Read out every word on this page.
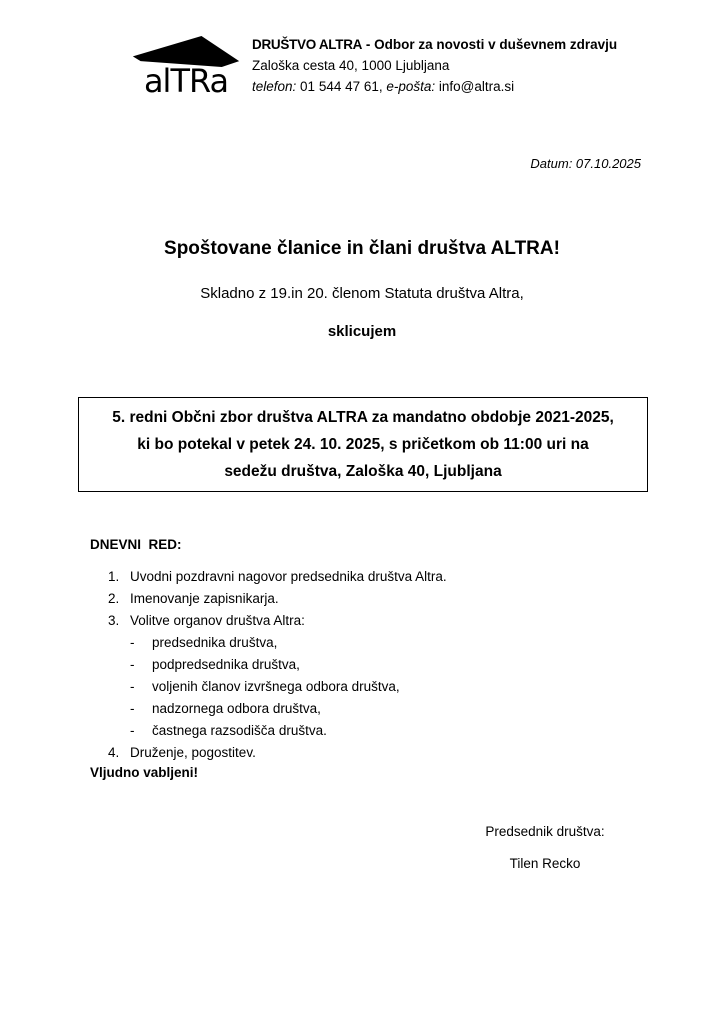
alTRa
DRUŠTVO ALTRA - Odbor za novosti v duševnem zdravju
Zaloška cesta 40, 1000 Ljubljana
telefon: 01 544 47 61, e-pošta: info@altra.si
Datum: 07.10.2025
Spoštovane članice in člani društva ALTRA!
Skladno z 19.in 20. členom Statuta društva Altra,
sklicujem
5. redni Občni zbor društva ALTRA za mandatno obdobje 2021-2025,
ki bo potekal v petek 24. 10. 2025, s pričetkom ob 11:00 uri na
sedežu društva, Zaloška 40, Ljubljana
DNEVNI  RED:
1. Uvodni pozdravni nagovor predsednika društva Altra.
2. Imenovanje zapisnikarja.
3. Volitve organov društva Altra:
-	predsednika društva,
-	podpredsednika društva,
-	voljenih članov izvršnega odbora društva,
-	nadzornega odbora društva,
-	častnega razsodišča društva.
4. Druženje, pogostitev.
Vljudno vabljeni!
Predsednik društva:
Tilen Recko
